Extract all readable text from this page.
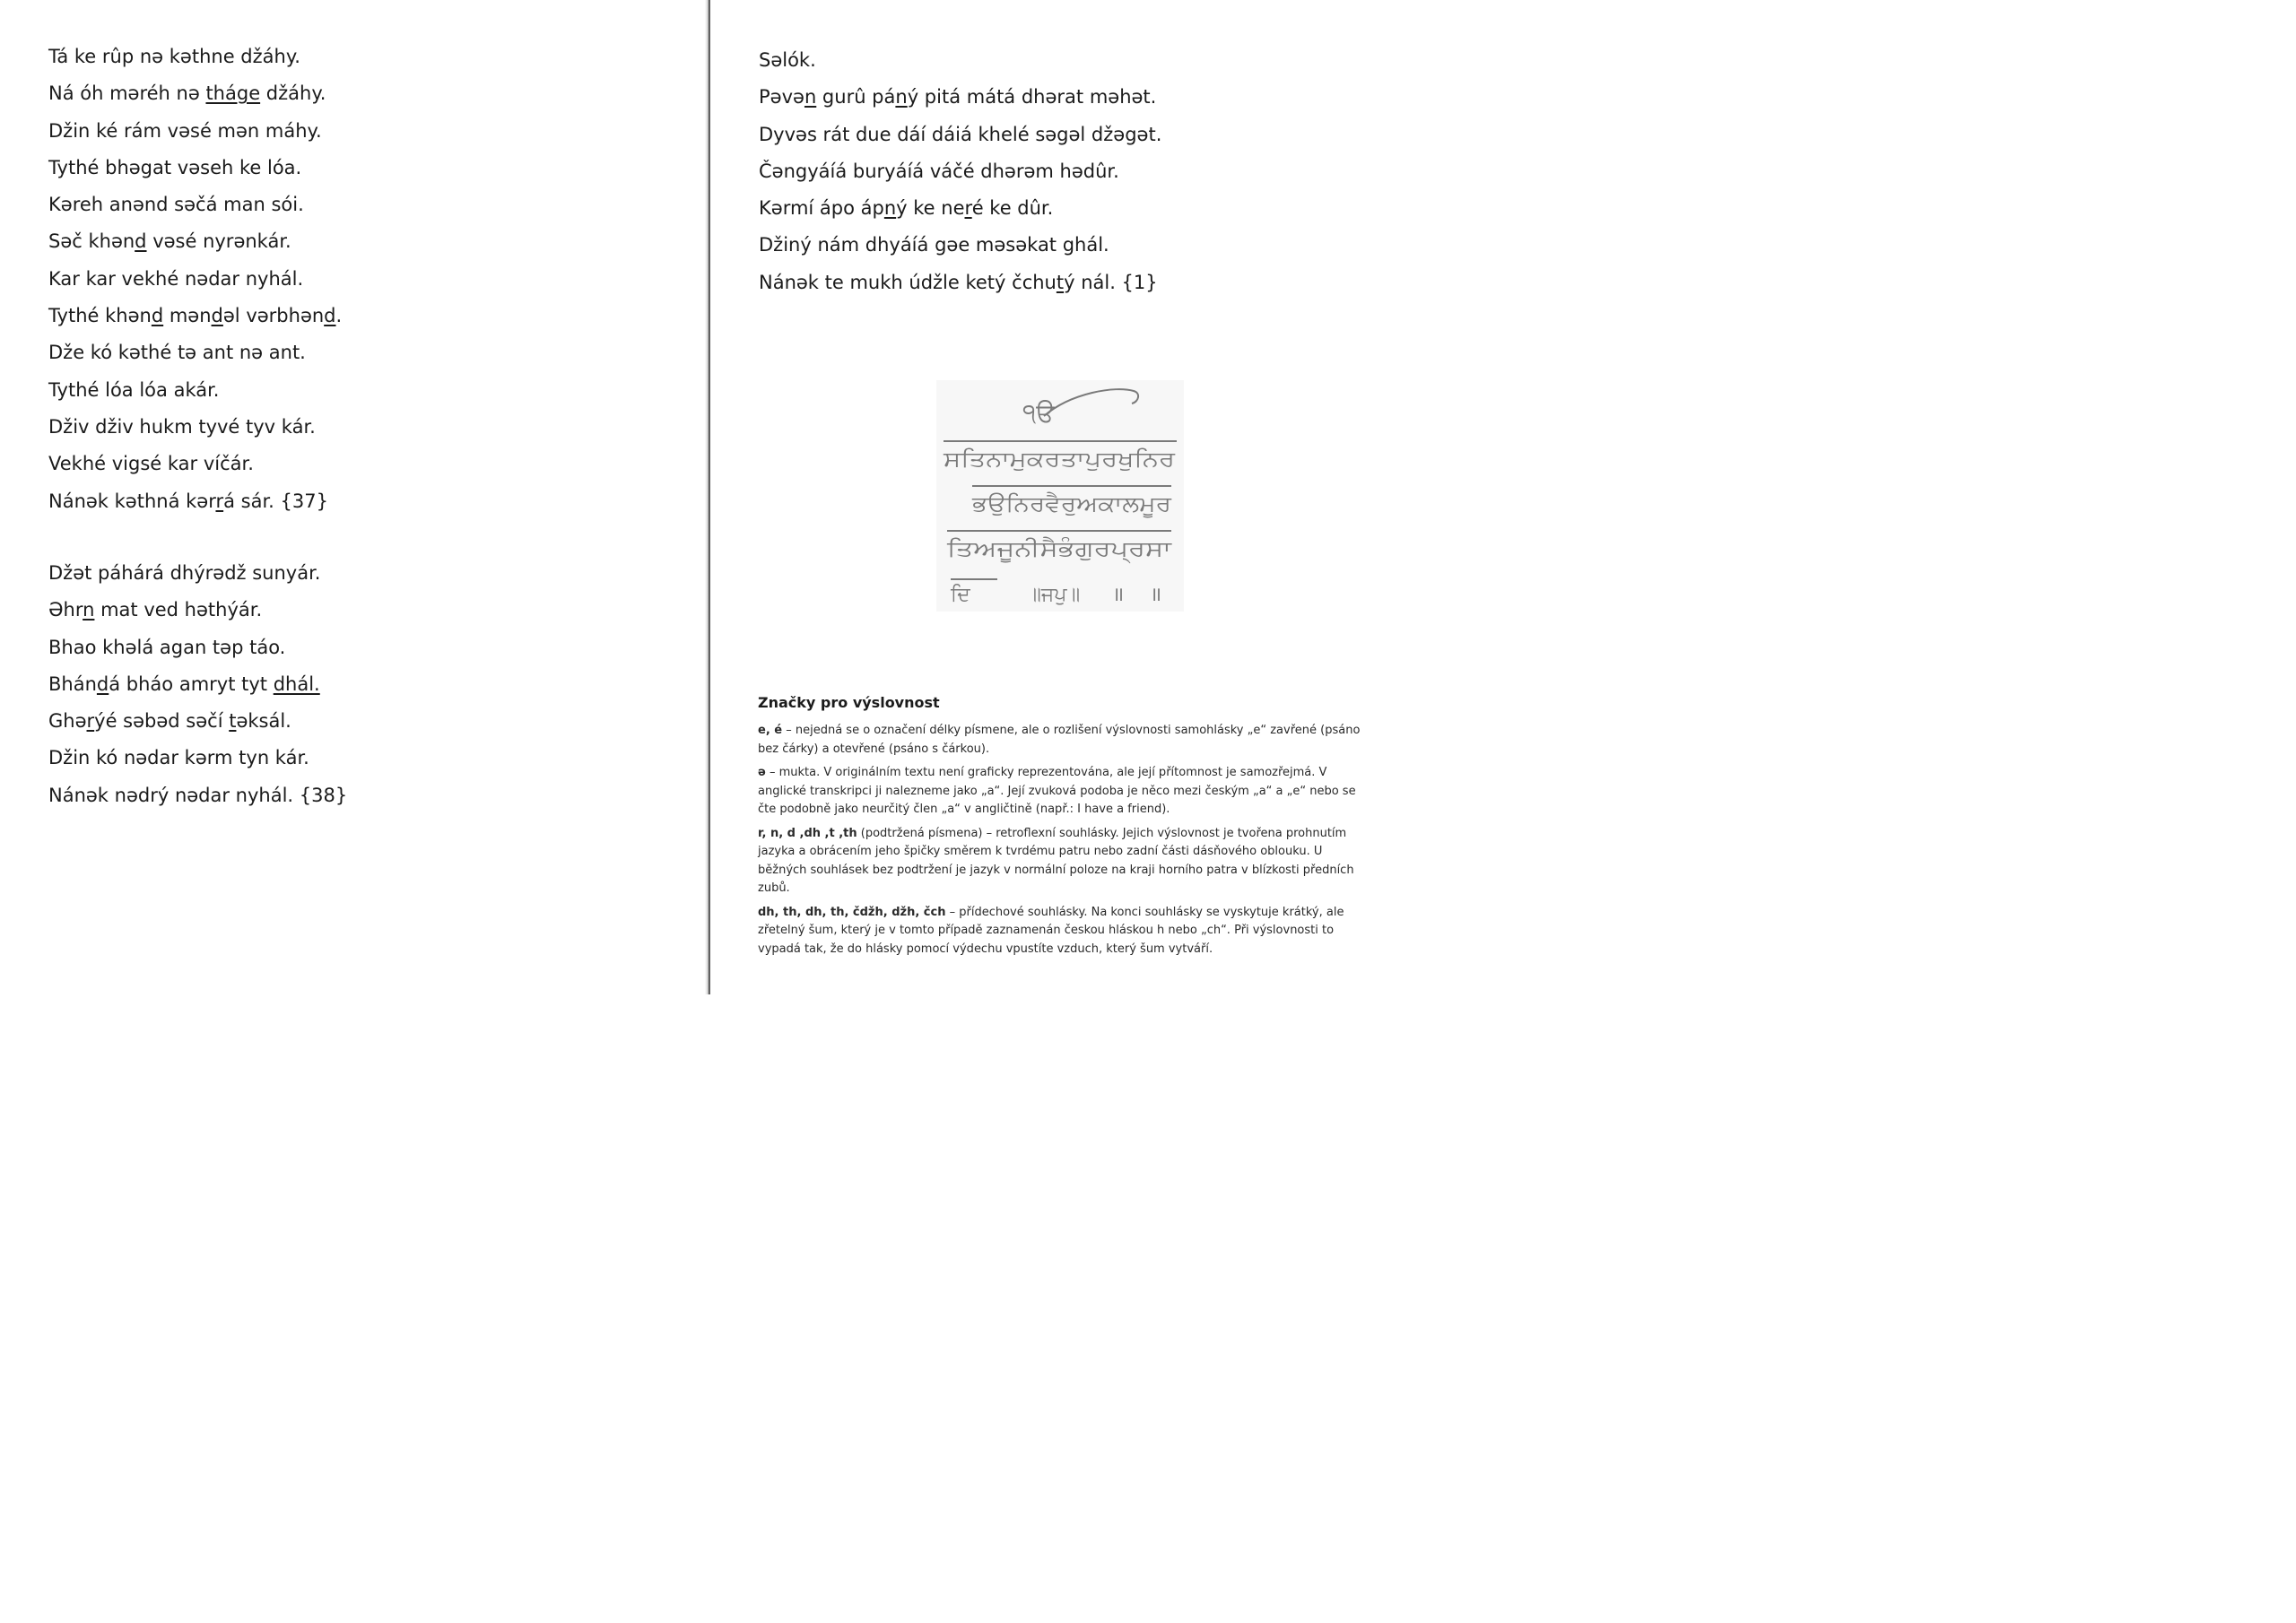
Tá ke rûp nə kəthne džáhy.
Ná óh məréh nə tháge džáhy.
Džin ké rám vəsé mən máhy.
Tythé bhəgat vəseh ke lóa.
Kəreh anənd səčá man sói.
Səč khənd vəsé nyrənkár.
Kar kar vekhé nədar nyhál.
Tythé khənd məndəl vərbhənd.
Dže kó kəthé tə ant nə ant.
Tythé lóa lóa akár.
Dživ dživ hukm tyvé tyv kár.
Vekhé vigsé kar víčár.
Nánək kəthná kərrá sár. {37}
Džət páhárá dhýrədž sunyár.
Əhrn mat ved həthýár.
Bhao khəlá agan təp táo.
Bhándá bháo amryt tyt dhál.
Ghərýé səbəd səčí təksál.
Džin kó nədar kərm tyn kár.
Nánək nədrý nədar nyhál. {38}
Səlók.
Pəvən gurû páný pitá mátá dhərat məhət.
Dyvəs rát due dáí dáiá khelé səgəl džəgət.
Čəngyáíá buryáíá váčé dhərəm hədûr.
Kərmí ápo ápný ke neré ke dûr.
Džiný nám dhyáíá gəe məsəkat ghál.
Nánək te mukh údžle ketý čchutý nál. {1}
੧ੳ
ਸਤਿਨਾਮੁਕਰਤਾਪੁਰਖੁਨਿਰ
ਭਉਨਿਰਵੈਰੁਅਕਾਲਮੂਰ
ਤਿਅਜੂਨੀਸੈਭੰਗੁਰਪ੍ਰਸਾ
ਦਿ	॥ਜਪੁ॥ ॥ ॥
Značky pro výslovnost

e, é – nejedná se o označení délky písmene, ale o rozlišení výslovnosti samohlásky „e“ zavřené (psáno bez čárky) a otevřené (psáno s čárkou).

ə – mukta. V originálním textu není graficky reprezentována, ale její přítomnost je samozřejmá. V anglické transkripci ji nalezneme jako „a“. Její zvuková podoba je něco mezi českým „a“ a „e“ nebo se čte podobně jako neurčitý člen „a“ v angličtině (např.: I have a friend).

r, n, d ,dh ,t ,th (podtržená písmena) – retroflexní souhlásky. Jejich výslovnost je tvořena prohnutím jazyka a obrácením jeho špičky směrem k tvrdému patru nebo zadní části dásňového oblouku. U běžných souhlásek bez podtržení je jazyk v normální poloze na kraji horního patra v blízkosti předních zubů.

dh, th, dh, th, čdžh, džh, čch – přídechové souhlásky. Na konci souhlásky se vyskytuje krátký, ale zřetelný šum, který je v tomto případě zaznamenán českou hláskou h nebo „ch“. Při výslovnosti to vypadá tak, že do hlásky pomocí výdechu vpustíte vzduch, který šum vytváří.
